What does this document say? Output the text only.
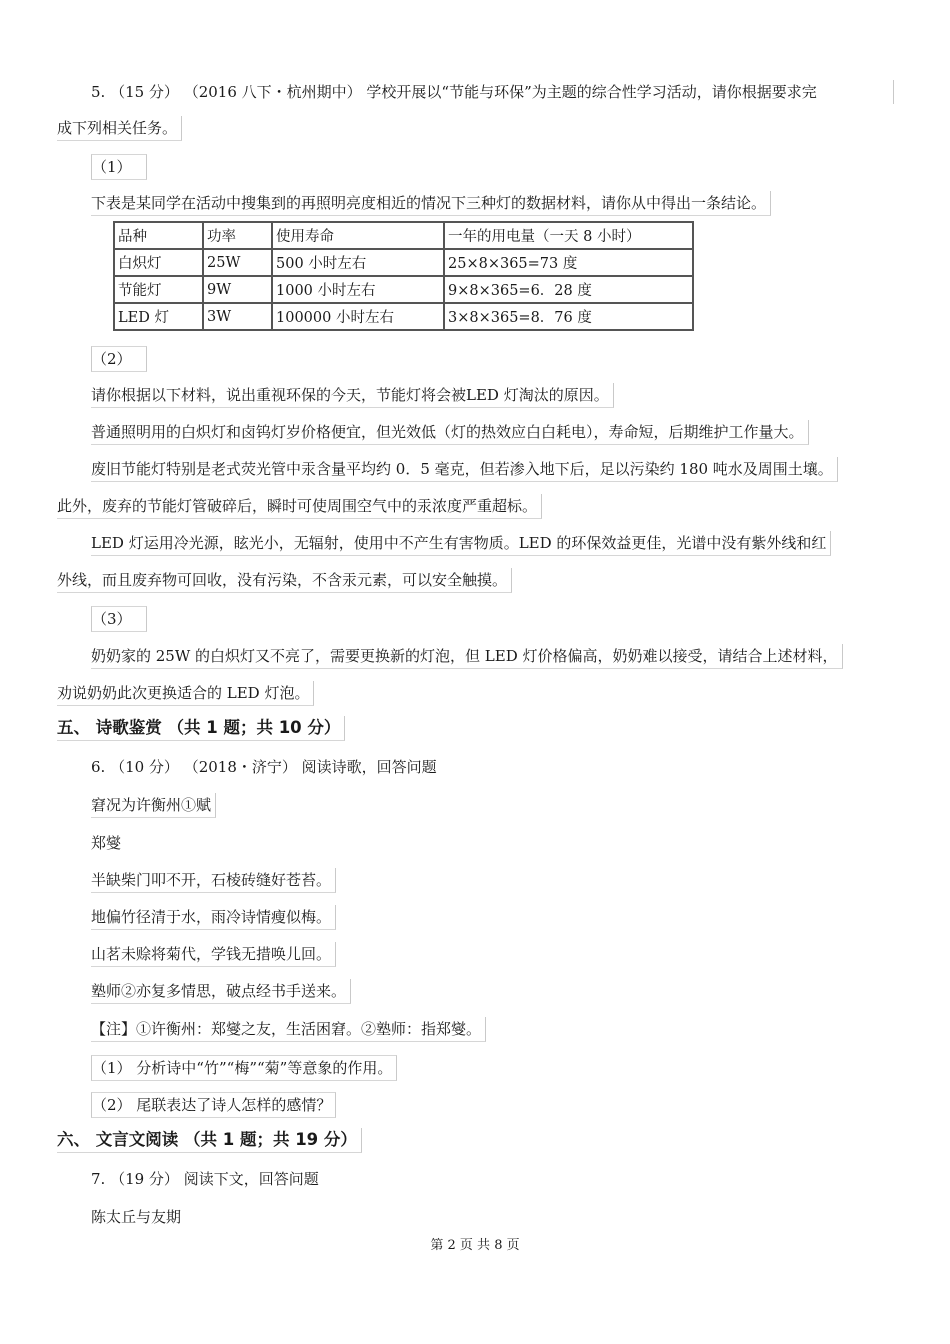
5. （15 分） （2016 八下・杭州期中） 学校开展以“节能与环保”为主题的综合性学习活动，请你根据要求完
成下列相关任务。
（1）
下表是某同学在活动中搜集到的再照明亮度相近的情况下三种灯的数据材料，请你从中得出一条结论。
品种	功率	使用寿命	一年的用电量（一天 8 小时）
白炽灯	25W	500 小时左右	25×8×365=73 度
节能灯	9W	1000 小时左右	9×8×365=6．28 度
LED 灯	3W	100000 小时左右	3×8×365=8．76 度
（2）
请你根据以下材料，说出重视环保的今天，节能灯将会被LED 灯淘汰的原因。
普通照明用的白炽灯和卤钨灯岁价格便宜，但光效低（灯的热效应白白耗电），寿命短，后期维护工作量大。
废旧节能灯特别是老式荧光管中汞含量平均约 0．5 毫克，但若渗入地下后，足以污染约 180 吨水及周围土壤。
此外，废弃的节能灯管破碎后，瞬时可使周围空气中的汞浓度严重超标。
LED 灯运用冷光源，眩光小，无辐射，使用中不产生有害物质。LED 的环保效益更佳，光谱中没有紫外线和红
外线，而且废弃物可回收，没有污染，不含汞元素，可以安全触摸。
（3）
奶奶家的 25W 的白炽灯又不亮了，需要更换新的灯泡，但 LED 灯价格偏高，奶奶难以接受，请结合上述材料，
劝说奶奶此次更换适合的 LED 灯泡。
五、 诗歌鉴赏 （共 1 题；共 10 分）
6. （10 分） （2018・济宁） 阅读诗歌，回答问题
窘况为许衡州①赋
郑燮
半缺柴门叩不开，石棱砖缝好苍苔。
地偏竹径清于水，雨冷诗情瘦似梅。
山茗未赊将菊代，学钱无措唤儿回。
塾师②亦复多情思，破点经书手送来。
【注】①许衡州：郑燮之友，生活困窘。②塾师：指郑燮。
（1） 分析诗中“竹”“梅”“菊”等意象的作用。
（2） 尾联表达了诗人怎样的感情？
六、 文言文阅读 （共 1 题；共 19 分）
7. （19 分） 阅读下文，回答问题
陈太丘与友期
第 2 页 共 8 页
